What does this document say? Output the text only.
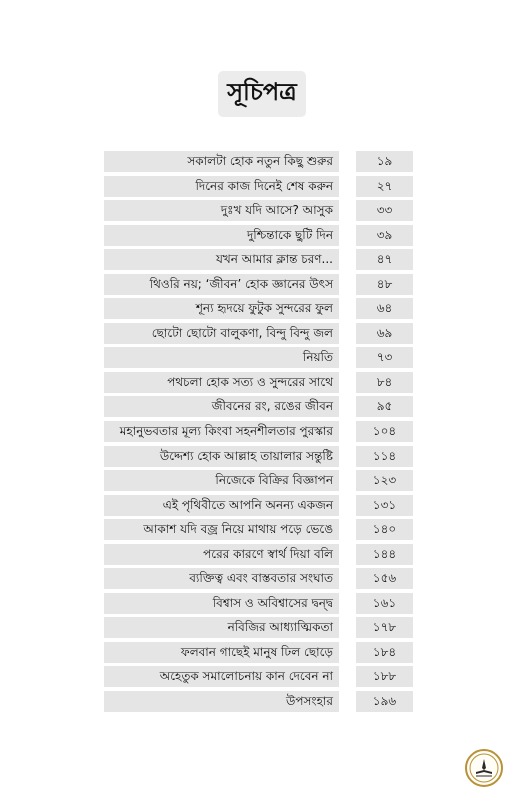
সূচিপত্র
সকালটা হোক নতুন কিছু শুরুর	১৯
দিনের কাজ দিনেই শেষ করুন	২৭
দুঃখ যদি আসে? আসুক	৩৩
দুশ্চিন্তাকে ছুটি দিন	৩৯
যখন আমার ক্লান্ত চরণ...	৪৭
থিওরি নয়; ‘জীবন’ হোক জ্ঞানের উৎস	৪৮
শূন্য হৃদয়ে ফুটুক সুন্দরের ফুল	৬৪
ছোটো ছোটো বালুকণা, বিন্দু বিন্দু জল	৬৯
নিয়তি	৭৩
পথচলা হোক সত্য ও সুন্দরের সাথে	৮৪
জীবনের রং, রঙের জীবন	৯৫
মহানুভবতার মূল্য কিংবা সহনশীলতার পুরস্কার	১০৪
উদ্দেশ্য হোক আল্লাহ তায়ালার সন্তুষ্টি	১১৪
নিজেকে বিক্রির বিজ্ঞাপন	১২৩
এই পৃথিবীতে আপনি অনন্য একজন	১৩১
আকাশ যদি বজ্র নিয়ে মাথায় পড়ে ভেঙে	১৪০
পরের কারণে স্বার্থ দিয়া বলি	১৪৪
ব্যক্তিত্ব এবং বাস্তবতার সংঘাত	১৫৬
বিশ্বাস ও অবিশ্বাসের দ্বন্দ্ব	১৬১
নবিজির আধ্যাত্মিকতা	১৭৮
ফলবান গাছেই মানুষ ঢিল ছোড়ে	১৮৪
অহেতুক সমালোচনায় কান দেবেন না	১৮৮
উপসংহার	১৯৬
